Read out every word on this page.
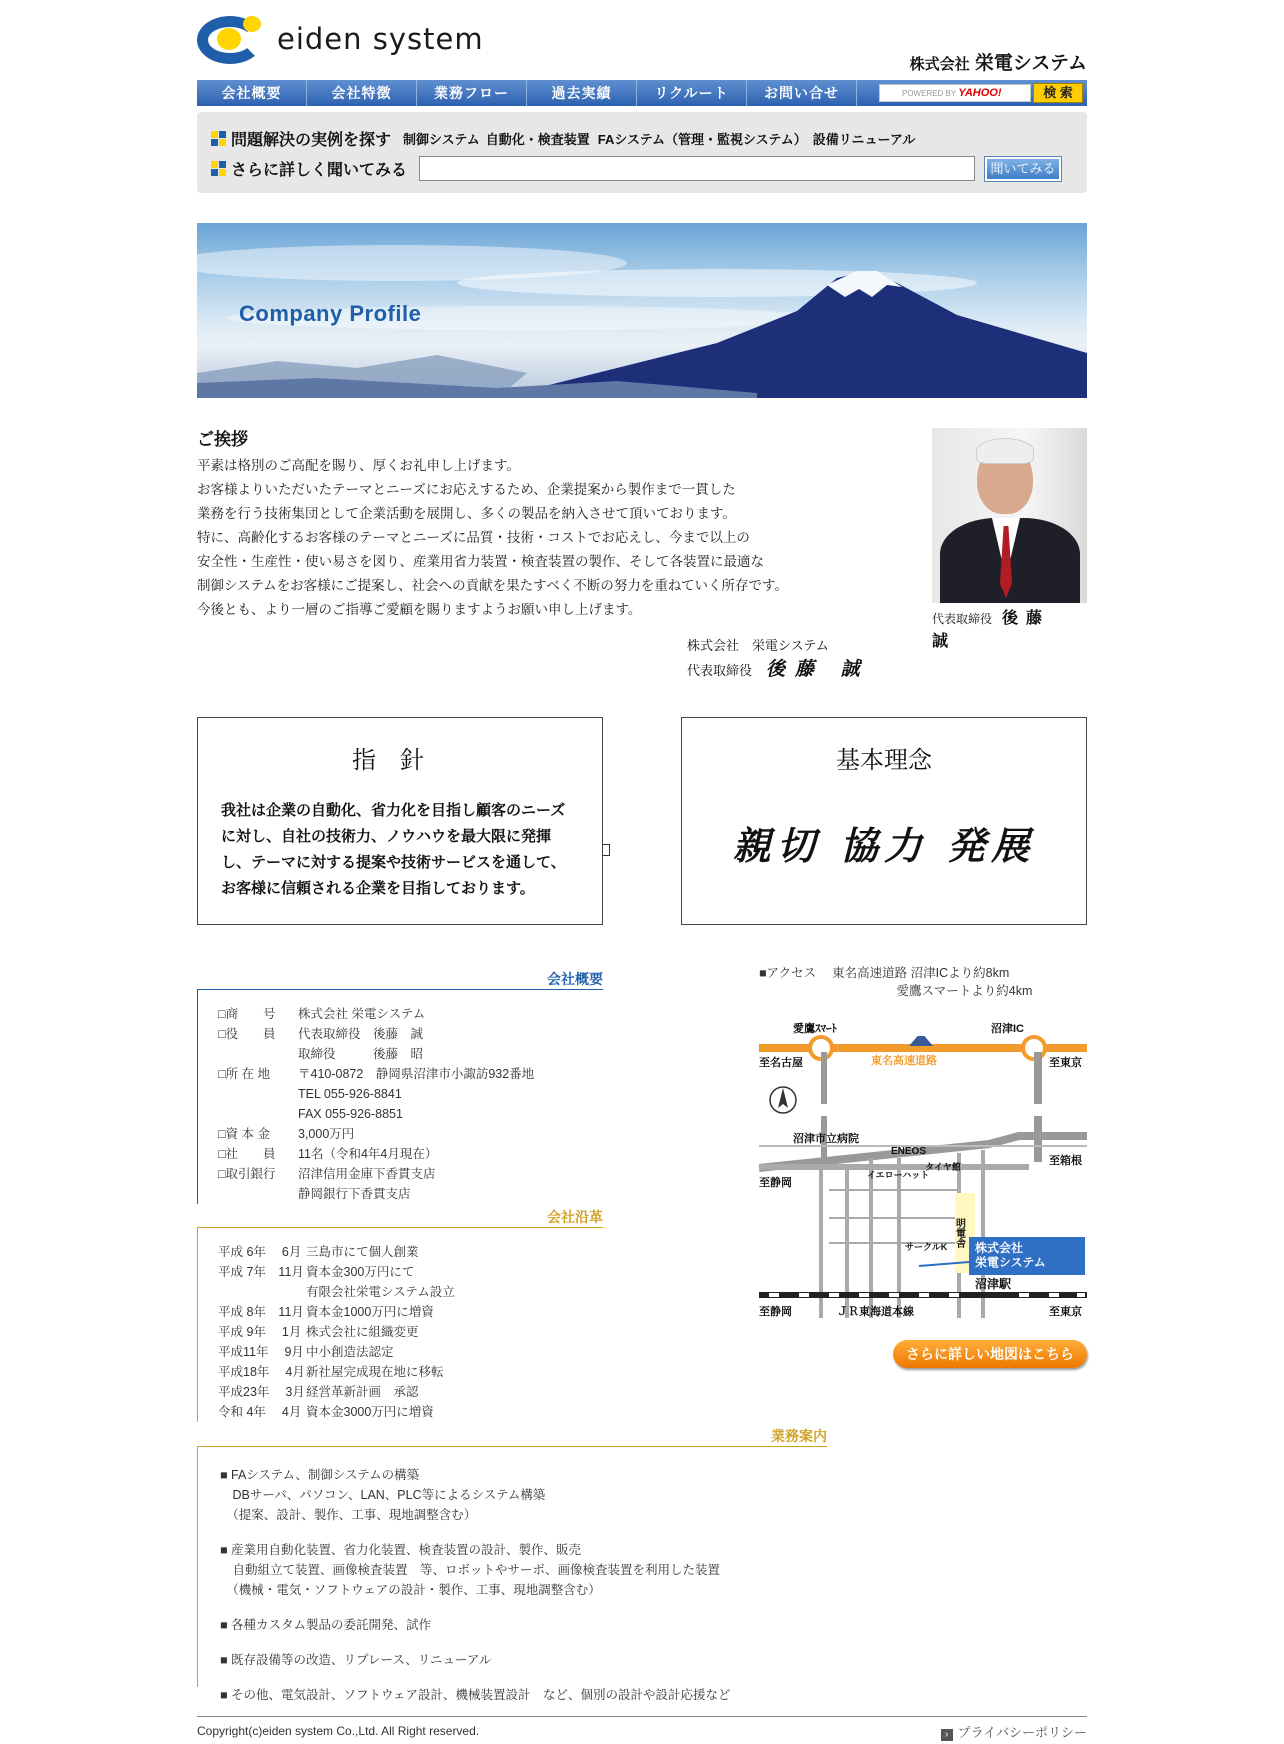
eiden system
株式会社 栄電システム
会社概要	会社特徴	業務フロー	過去実績	リクルート	お問い合せ	POWERED BY YAHOO!	検 索
問題解決の実例を探す 制御システム 自動化・検査装置 FAシステム（管理・監視システム） 設備リニューアル
さらに詳しく聞いてみる	聞いてみる
Company Profile
ご挨拶

平素は格別のご高配を賜り、厚くお礼申し上げます。

お客様よりいただいたテーマとニーズにお応えするため、企業提案から製作まで一貫した

業務を行う技術集団として企業活動を展開し、多くの製品を納入させて頂いております。

特に、高齢化するお客様のテーマとニーズに品質・技術・コストでお応えし、今まで以上の

安全性・生産性・使い易さを図り、産業用省力装置・検査装置の製作、そして各装置に最適な

制御システムをお客様にご提案し、社会への貢献を果たすべく不断の努力を重ねていく所存です。

今後とも、より一層のご指導ご愛顧を賜りますようお願い申し上げます。

株式会社　栄電システム
代表取締役 後藤 誠
代表取締役 後藤 誠
指針

我社は企業の自動化、省力化を目指し顧客のニーズに対し、自社の技術力、ノウハウを最大限に発揮し、テーマに対する提案や技術サービスを通して、お客様に信頼される企業を目指しております。

基本理念
親切 協力 発展
会社概要
□商　　号	株式会社 栄電システム
□役　　員	代表取締役　後藤　誠
取締役　　　後藤　昭
□所 在 地	〒410-0872　静岡県沼津市小諏訪932番地
TEL 055-926-8841
FAX 055-926-8851
□資 本 金	3,000万円
□社　　員	11名（令和4年4月現在）
□取引銀行	沼津信用金庫下香貫支店
静岡銀行下香貫支店
会社沿革
平成 6年　 6月 三島市にて個人創業
平成 7年　11月 資本金300万円にて
有限会社栄電システム設立
平成 8年　11月 資本金1000万円に増資
平成 9年　 1月 株式会社に組織変更
平成11年　 9月 中小創造法認定
平成18年　 4月 新社屋完成現在地に移転
平成23年　 3月 経営革新計画　承認
令和 4年　 4月 資本金3000万円に増資
■アクセス　 東名高速道路 沼津ICより約8km
　　　　　　　　　　　愛鷹スマートより約4km
愛鷹ｽﾏｰﾄ	沼津IC
至名古屋	東名高速道路	至東京
沼津市立病院
ENEOS
イエローハット
タイヤ館
至静岡
至箱根
サークルK 明電舎 株式会社栄電システム
沼津駅
ＪＲ東海道本線
至静岡	至東京
さらに詳しい地図はこちら
業務案内
■ FAシステム、制御システムの構築
　DBサーバ、パソコン、LAN、PLC等によるシステム構築
　（提案、設計、製作、工事、現地調整含む）
■ 産業用自動化装置、省力化装置、検査装置の設計、製作、販売
　自動組立て装置、画像検査装置　等、ロボットやサーボ、画像検査装置を利用した装置
　（機械・電気・ソフトウェアの設計・製作、工事、現地調整含む）
■ 各種カスタム製品の委託開発、試作
■ 既存設備等の改造、リプレース、リニューアル
■ その他、電気設計、ソフトウェア設計、機械装置設計　など、個別の設計や設計応援など
Copyright(c)eiden system Co.,Ltd. All Right reserved.	› プライバシーポリシー
